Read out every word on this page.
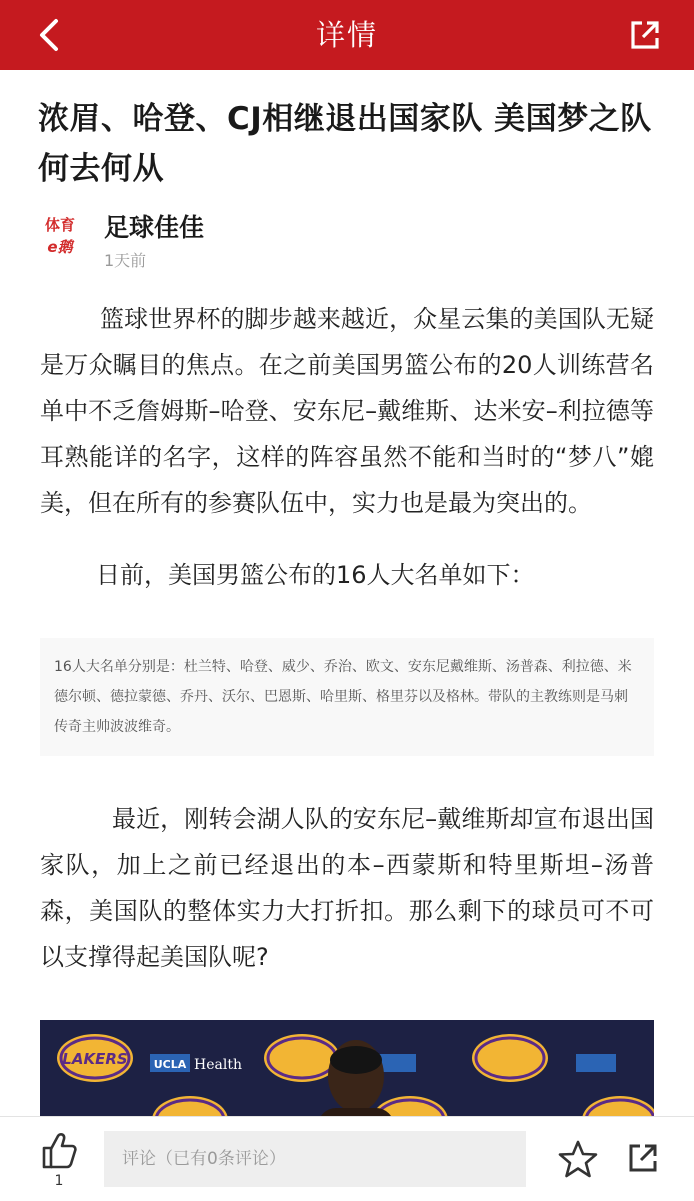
详情
浓眉、哈登、CJ相继退出国家队 美国梦之队何去何从
体育
e鹅
足球佳佳
1天前

篮球世界杯的脚步越来越近，众星云集的美国队无疑是万众瞩目的焦点。在之前美国男篮公布的20人训练营名单中不乏詹姆斯–哈登、安东尼–戴维斯、达米安–利拉德等耳熟能详的名字，这样的阵容虽然不能和当时的“梦八”媲美，但在所有的参赛队伍中，实力也是最为突出的。

日前，美国男篮公布的16人大名单如下：

16人大名单分别是：杜兰特、哈登、威少、乔治、欧文、安东尼戴维斯、汤普森、利拉德、米德尔顿、德拉蒙德、乔丹、沃尔、巴恩斯、哈里斯、格里芬以及格林。带队的主教练则是马刺传奇主帅波波维奇。

最近，刚转会湖人队的安东尼–戴维斯却宣布退出国家队，加上之前已经退出的本–西蒙斯和特里斯坦–汤普森，美国队的整体实力大打折扣。那么剩下的球员可不可以支撑得起美国队呢?

LAKERS UCLA Health
1
评论（已有0条评论）
